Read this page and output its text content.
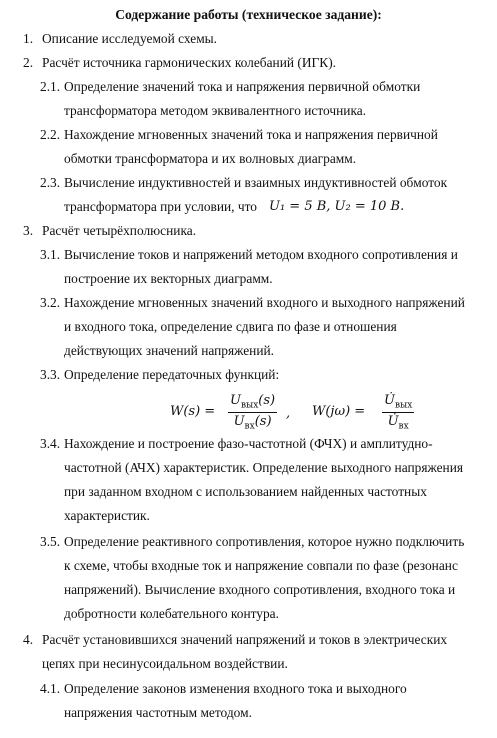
Содержание работы (техническое задание):
1. Описание исследуемой схемы.
2. Расчёт источника гармонических колебаний (ИГК).
2.1. Определение значений тока и напряжения первичной обмотки
трансформатора методом эквивалентного источника.
2.2. Нахождение мгновенных значений тока и напряжения первичной
обмотки трансформатора и их волновых диаграмм.
2.3. Вычисление индуктивностей и взаимных индуктивностей обмоток
трансформатора при условии, что U₁ = 5 В, U₂ = 10 В.
3. Расчёт четырёхполюсника.
3.1. Вычисление токов и напряжений методом входного сопротивления и
построение их векторных диаграмм.
3.2. Нахождение мгновенных значений входного и выходного напряжений
и входного тока, определение сдвига по фазе и отношения
действующих значений напряжений.
3.3. Определение передаточных функций:
W(s) =
$U_{вых}(s)$
$U_{вх}(s)$
, W(jω) =
$U̇_{вых}$
$U̇_{вх}$
3.4. Нахождение и построение фазо-частотной (ФЧХ) и амплитудно-
частотной (АЧХ) характеристик. Определение выходного напряжения
при заданном входном с использованием найденных частотных
характеристик.
3.5. Определение реактивного сопротивления, которое нужно подключить
к схеме, чтобы входные ток и напряжение совпали по фазе (резонанс
напряжений). Вычисление входного сопротивления, входного тока и
добротности колебательного контура.
4. Расчёт установившихся значений напряжений и токов в электрических
цепях при несинусоидальном воздействии.
4.1. Определение законов изменения входного тока и выходного
напряжения частотным методом.
